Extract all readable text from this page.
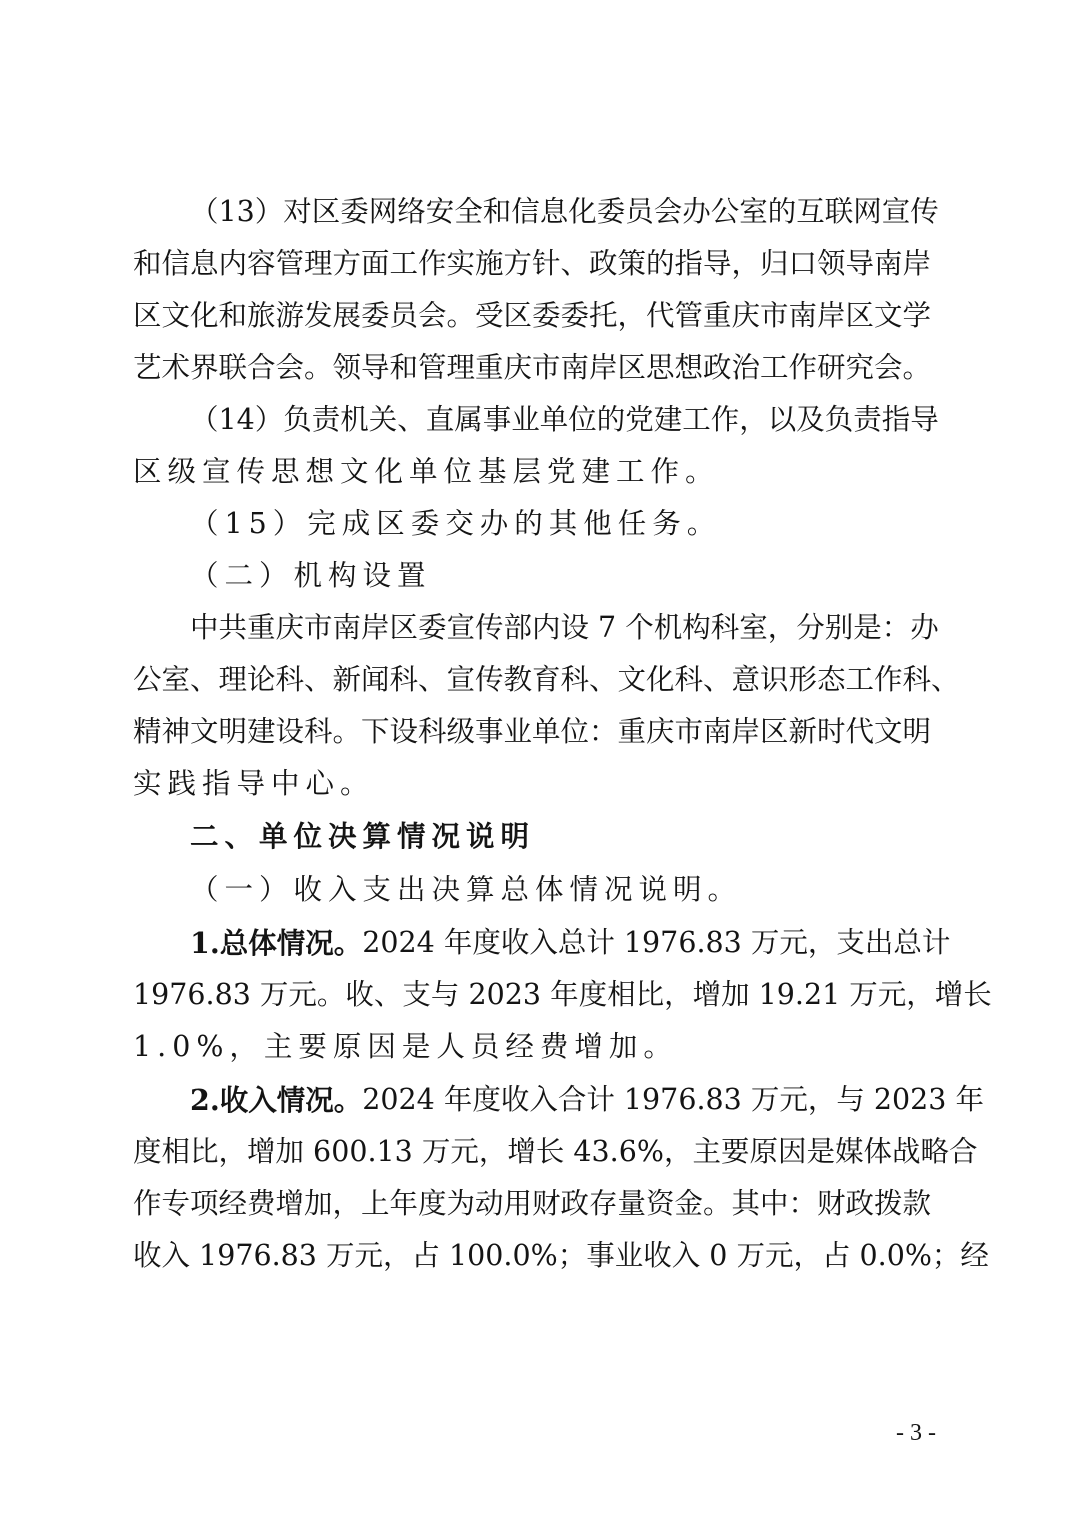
（13）对区委网络安全和信息化委员会办公室的互联网宣传
和信息内容管理方面工作实施方针、政策的指导，归口领导南岸
区文化和旅游发展委员会。受区委委托，代管重庆市南岸区文学
艺术界联合会。领导和管理重庆市南岸区思想政治工作研究会。
（14）负责机关、直属事业单位的党建工作，以及负责指导
区级宣传思想文化单位基层党建工作。
（15）完成区委交办的其他任务。
（二）机构设置
中共重庆市南岸区委宣传部内设 7 个机构科室，分别是：办
公室、理论科、新闻科、宣传教育科、文化科、意识形态工作科、
精神文明建设科。下设科级事业单位：重庆市南岸区新时代文明
实践指导中心。
二、单位决算情况说明
（一）收入支出决算总体情况说明。
1.总体情况。 2024 年度收入总计 1976.83 万元，支出总计
1976.83 万元。收、支与 2023 年度相比，增加 19.21 万元，增长
1.0%，主要原因是人员经费增加。
2.收入情况。 2024 年度收入合计 1976.83 万元，与 2023 年
度相比，增加 600.13 万元，增长 43.6%，主要原因是媒体战略合
作专项经费增加，上年度为动用财政存量资金。其中：财政拨款
收入 1976.83 万元，占 100.0%；事业收入 0 万元，占 0.0%；经
- 3 -
